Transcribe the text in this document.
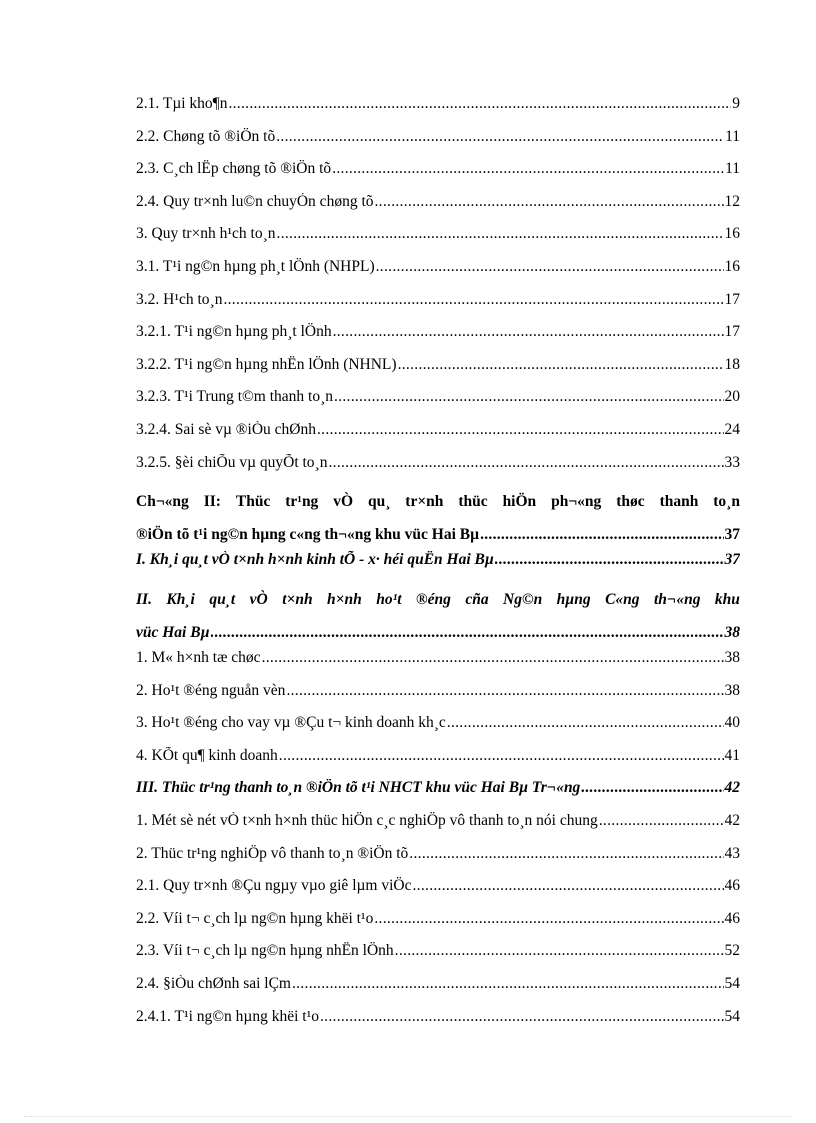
2.1. Tµi kho¶n .....	9
2.2. Chøng tõ ®iÖn tõ .....	11
2.3. C¸ch lËp chøng tõ ®iÖn tõ .....	11
2.4. Quy tr×nh lu©n chuyÓn chøng tõ .....	12
3. Quy tr×nh h¹ch to¸n .....	16
3.1. T¹i ng©n hµng ph¸t lÖnh (NHPL) .....	16
3.2. H¹ch to¸n .....	17
3.2.1. T¹i ng©n hµng ph¸t lÖnh .....	17
3.2.2. T¹i ng©n hµng nhËn lÖnh (NHNL) .....	18
3.2.3. T¹i Trung t©m thanh to¸n .....	20
3.2.4. Sai sè vµ ®iÒu chØnh .....	24
3.2.5. §èi chiÕu vµ quyÕt to¸n .....	33
Ch¬«ng II: Thüc tr¹ng vÒ qu¸ tr×nh thüc hiÖn ph¬«ng thøc thanh to¸n
®iÖn tõ t¹i ng©n hµng c«ng th¬«ng khu vüc Hai Bµ .....	37
I. Kh¸i qu¸t vÒ t×nh h×nh kinh tÕ - x· héi quËn Hai Bµ .....	37
II. Kh¸i qu¸t vÒ t×nh h×nh ho¹t ®éng cña Ng©n hµng C«ng th¬«ng khu
vüc Hai Bµ .....	38
1. M« h×nh tæ chøc .....	38
2. Ho¹t ®éng nguån vèn .....	38
3. Ho¹t ®éng cho vay vµ ®Çu t¬ kinh doanh kh¸c .....	40
4. KÕt qu¶ kinh doanh .....	41
III. Thüc tr¹ng thanh to¸n ®iÖn tõ t¹i NHCT khu vüc Hai Bµ Tr¬«ng .....	42
1. Mét sè nét vÒ t×nh h×nh thüc hiÖn c¸c nghiÖp vô thanh to¸n nói chung .....	42
2. Thüc tr¹ng nghiÖp vô thanh to¸n ®iÖn tõ .....	43
2.1. Quy tr×nh ®Çu ngµy vµo giê lµm viÖc .....	46
2.2. Víi t¬ c¸ch lµ ng©n hµng khëi t¹o .....	46
2.3. Víi t¬ c¸ch lµ ng©n hµng nhËn lÖnh .....	52
2.4. §iÒu chØnh sai lÇm .....	54
2.4.1. T¹i ng©n hµng khëi t¹o .....	54
